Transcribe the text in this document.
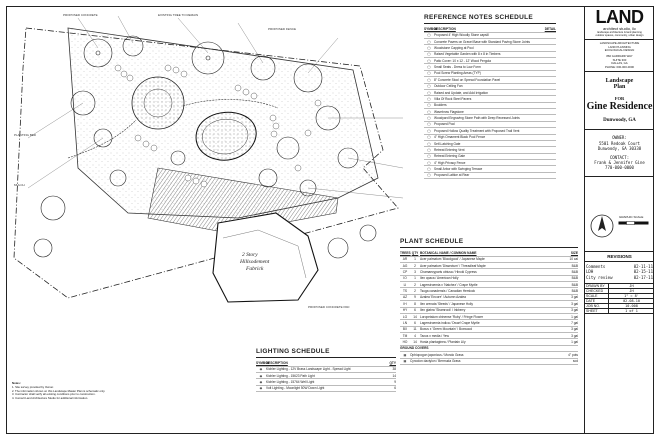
PROPOSED CONCRETE	EXISTING TREE TO REMAIN
PROPOSED FENCE
PROPOSED CONCRETE PAD
PLANTING BED
MULCH
2 Story
Hillsodement
Fabrick
REFERENCE NOTES SCHEDULE
SYMBOL
DESCRIPTION	DETAIL
◯	Proposed 4' High Woodly Stone capsill
◯	Concrete Pavers on Gravel Base with Standard Paving Stone Joints
◯	Woodstone Capping at Pool
◯	Raised Vegetable Garden with 8 x 8 in Timbers
◯	Patio Cover: 10 x 12 - 12' Wood Pergola
◯	Small Seats - Dress to Low Form
◯	Pool Screw Planting Areas (TYP)
◯	8" Concrete Stool on Spread Foundation Pavel
◯	Outdoor Ceiling Fan
◯	Raised and Update, and Add Irrigation
◯	Villa Of Rock Steel Pavers
◯	Boulders
◯	Wavebrow Flagstone
◯	Woodyard Engraving Stone Path with Deep Recessed Joints
◯	Proposed Pool
◯	Proposed Hollow Quality Treatment with Proposed Trail Vent
◯	4" High Ornament Black Pool Fence
◯	Self-Latching Gate
◯	Retreat Entering Vent
◯	Retreat Entering Gate
◯	4" High Privacy Fence
◯	Small Arbor with Swinging Terrace
◯	Proposed Lattice at Rear
PLANT SCHEDULE
TREES QTY BOTANICAL NAME / COMMON NAME	SIZE
AR	1	Acer palmatum 'Bloodgood' / Japanese Maple	10 cal
AG	2	Acer palmatum 'Dissectum' / Threadleaf Maple	B&B
CP	3	Chamaecyparis obtusa / Hinoki Cypress	B&B
IO	1	Ilex opaca / American Holly	B&B
LI	2	Lagerstroemia x 'Natchez' / Crape Myrtle	B&B
TS	2	Tsuga canadensis / Canadian Hemlock	B&B
AZ	9	Azalea 'Encore' / Autumn Azalea	3 gal
IH	8	Ilex crenata 'Steeds' / Japanese Holly	3 gal
HY	6	Ilex glabra 'Shamrock' / Inkberry	3 gal
LG	14	Loropetalum chinense 'Ruby' / Fringe Flower	1 gal
LN	6	Lagerstroemia indica / Dwarf Crape Myrtle	7 gal
BX	11	Buxus x 'Green Mountain' / Boxwood	3 gal
TM	4	Taxus x media / Yew	3 gal
HO	14	Hosta plantaginea / Plantain Lily	1 gal
GROUND COVERS
▦	Ophiopogon japonicus / Mondo Grass	4" pots
▦	Cynodon dactylon / Bermuda Grass	sod
LIGHTING SCHEDULE
SYMBOL
DESCRIPTION	QTY
◉	Kichler Lighting - 12V Brass Landscape Light - Spread Light	38
◉	Kichler Lighting - 15623 Path Light	14
◉	Kichler Lighting - 15764 Well Light	9
◉	Volt Lighting - Moonlight 50W Down Light	6
Notes:
1. Site survey provided by Owner.
2. The information shown on this Landscape Master Plan is schematic only.
3. Contractor shall verify all existing conditions prior to construction.
4. Consult Land Architecture Studio for additional information.
LAND
architect studio, llc
landscape architecture & land planning
outdoor spaces, community, urban design
LANDSCAPE ARCHITECTURE
LAND PLANNING
ECOLOGICAL DESIGN
860 GARRARD WAY
SUITE 300
DALLAS, GA
PHONE: 000-000-0000
Landscape
Plan
FOR
Gine Residence
Dunwoody, GA
OWNER:
5501 Redoak Court
Dunwoody, GA 30338
CONTACT:
Frank & Jennifer Gine
770-000-0000
GRAPHIC SCALE
REVISIONS
Comments	02-11-11
LDH	02-15-11
City review	02-17-11
DRAWN BY	JH
CHECKED	JH
SCALE	1" = 8'
DATE	02-08-10
JOB NO.	10-008
SHEET	1 of 1
